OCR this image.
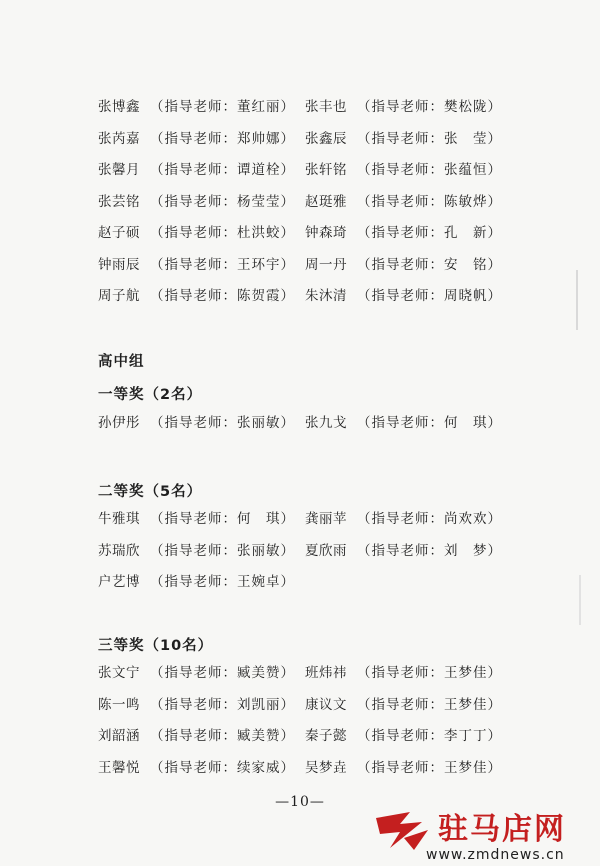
张博鑫 （指导老师：董红丽） 张丰也 （指导老师：樊松陇）
张芮嘉 （指导老师：郑帅娜） 张鑫辰 （指导老师：张　莹）
张馨月 （指导老师：谭道栓） 张轩铭 （指导老师：张蕴恒）
张芸铭 （指导老师：杨莹莹） 赵珽雅 （指导老师：陈敏烨）
赵子硕 （指导老师：杜洪蛟） 钟森琦 （指导老师：孔　新）
钟雨辰 （指导老师：王环宇） 周一丹 （指导老师：安　铭）
周子航 （指导老师：陈贺霞） 朱沐清 （指导老师：周晓帆）
高中组
一等奖（2名）
孙伊彤 （指导老师：张丽敏） 张九戈 （指导老师：何　琪）
二等奖（5名）
牛雅琪 （指导老师：何　琪） 龚丽苹 （指导老师：尚欢欢）
苏瑞欣 （指导老师：张丽敏） 夏欣雨 （指导老师：刘　梦）
户艺博 （指导老师：王婉卓）
三等奖（10名）
张文宁 （指导老师：臧美赞） 班炜祎 （指导老师：王梦佳）
陈一鸣 （指导老师：刘凯丽） 康议文 （指导老师：王梦佳）
刘韶涵 （指导老师：臧美赞） 秦子懿 （指导老师：李丁丁）
王馨悦 （指导老师：续家威） 吴梦垚 （指导老师：王梦佳）
—10—
驻马店网
www.zmdnews.cn
